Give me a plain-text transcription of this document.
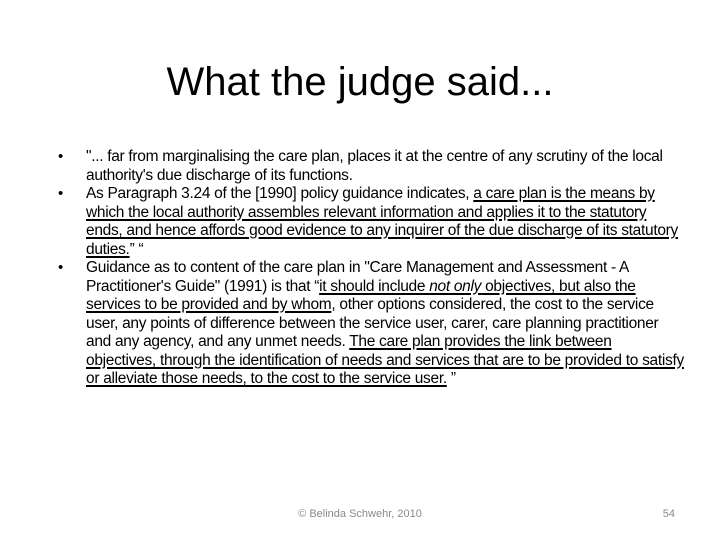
What the judge said...
•	"... far from marginalising the care plan, places it at the centre of any scrutiny of the local authority's due discharge of its functions.
•	As Paragraph 3.24 of the [1990] policy guidance indicates, a care plan is the means by which the local authority assembles relevant information and applies it to the statutory ends, and hence affords good evidence to any inquirer of the due discharge of its statutory duties.” “
•	Guidance as to content of the care plan in "Care Management and Assessment - A Practitioner's Guide" (1991) is that “it should include not only objectives, but also the services to be provided and by whom, other options considered, the cost to the service user, any points of difference between the service user, carer, care planning practitioner and any agency, and any unmet needs. The care plan provides the link between objectives, through the identification of needs and services that are to be provided to satisfy or alleviate those needs, to the cost to the service user. ”
© Belinda Schwehr, 2010	54
